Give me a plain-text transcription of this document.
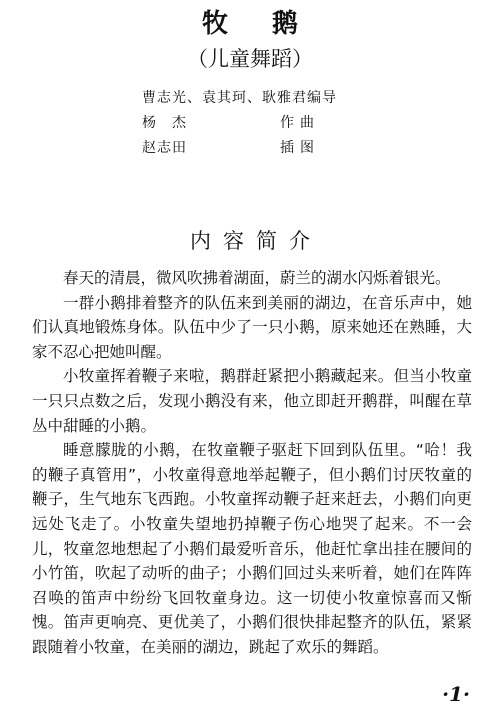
牧鹅
（儿童舞蹈）
曹志光、袁其珂、耿雅君编导
杨　杰	作曲
赵志田	插图
内容简介

春天的清晨，微风吹拂着湖面，蔚兰的湖水闪烁着银光。

一群小鹅排着整齐的队伍来到美丽的湖边，在音乐声中，她们认真地锻炼身体。队伍中少了一只小鹅，原来她还在熟睡，大家不忍心把她叫醒。

小牧童挥着鞭子来啦，鹅群赶紧把小鹅藏起来。但当小牧童一只只点数之后，发现小鹅没有来，他立即赶开鹅群，叫醒在草丛中甜睡的小鹅。

睡意朦胧的小鹅，在牧童鞭子驱赶下回到队伍里。“哈！我的鞭子真管用”，小牧童得意地举起鞭子，但小鹅们讨厌牧童的鞭子，生气地东飞西跑。小牧童挥动鞭子赶来赶去，小鹅们向更远处飞走了。小牧童失望地扔掉鞭子伤心地哭了起来。不一会儿，牧童忽地想起了小鹅们最爱听音乐，他赶忙拿出挂在腰间的小竹笛，吹起了动听的曲子；小鹅们回过头来听着，她们在阵阵召唤的笛声中纷纷飞回牧童身边。这一切使小牧童惊喜而又惭愧。笛声更响亮、更优美了，小鹅们很快排起整齐的队伍，紧紧跟随着小牧童，在美丽的湖边，跳起了欢乐的舞蹈。

·1·
